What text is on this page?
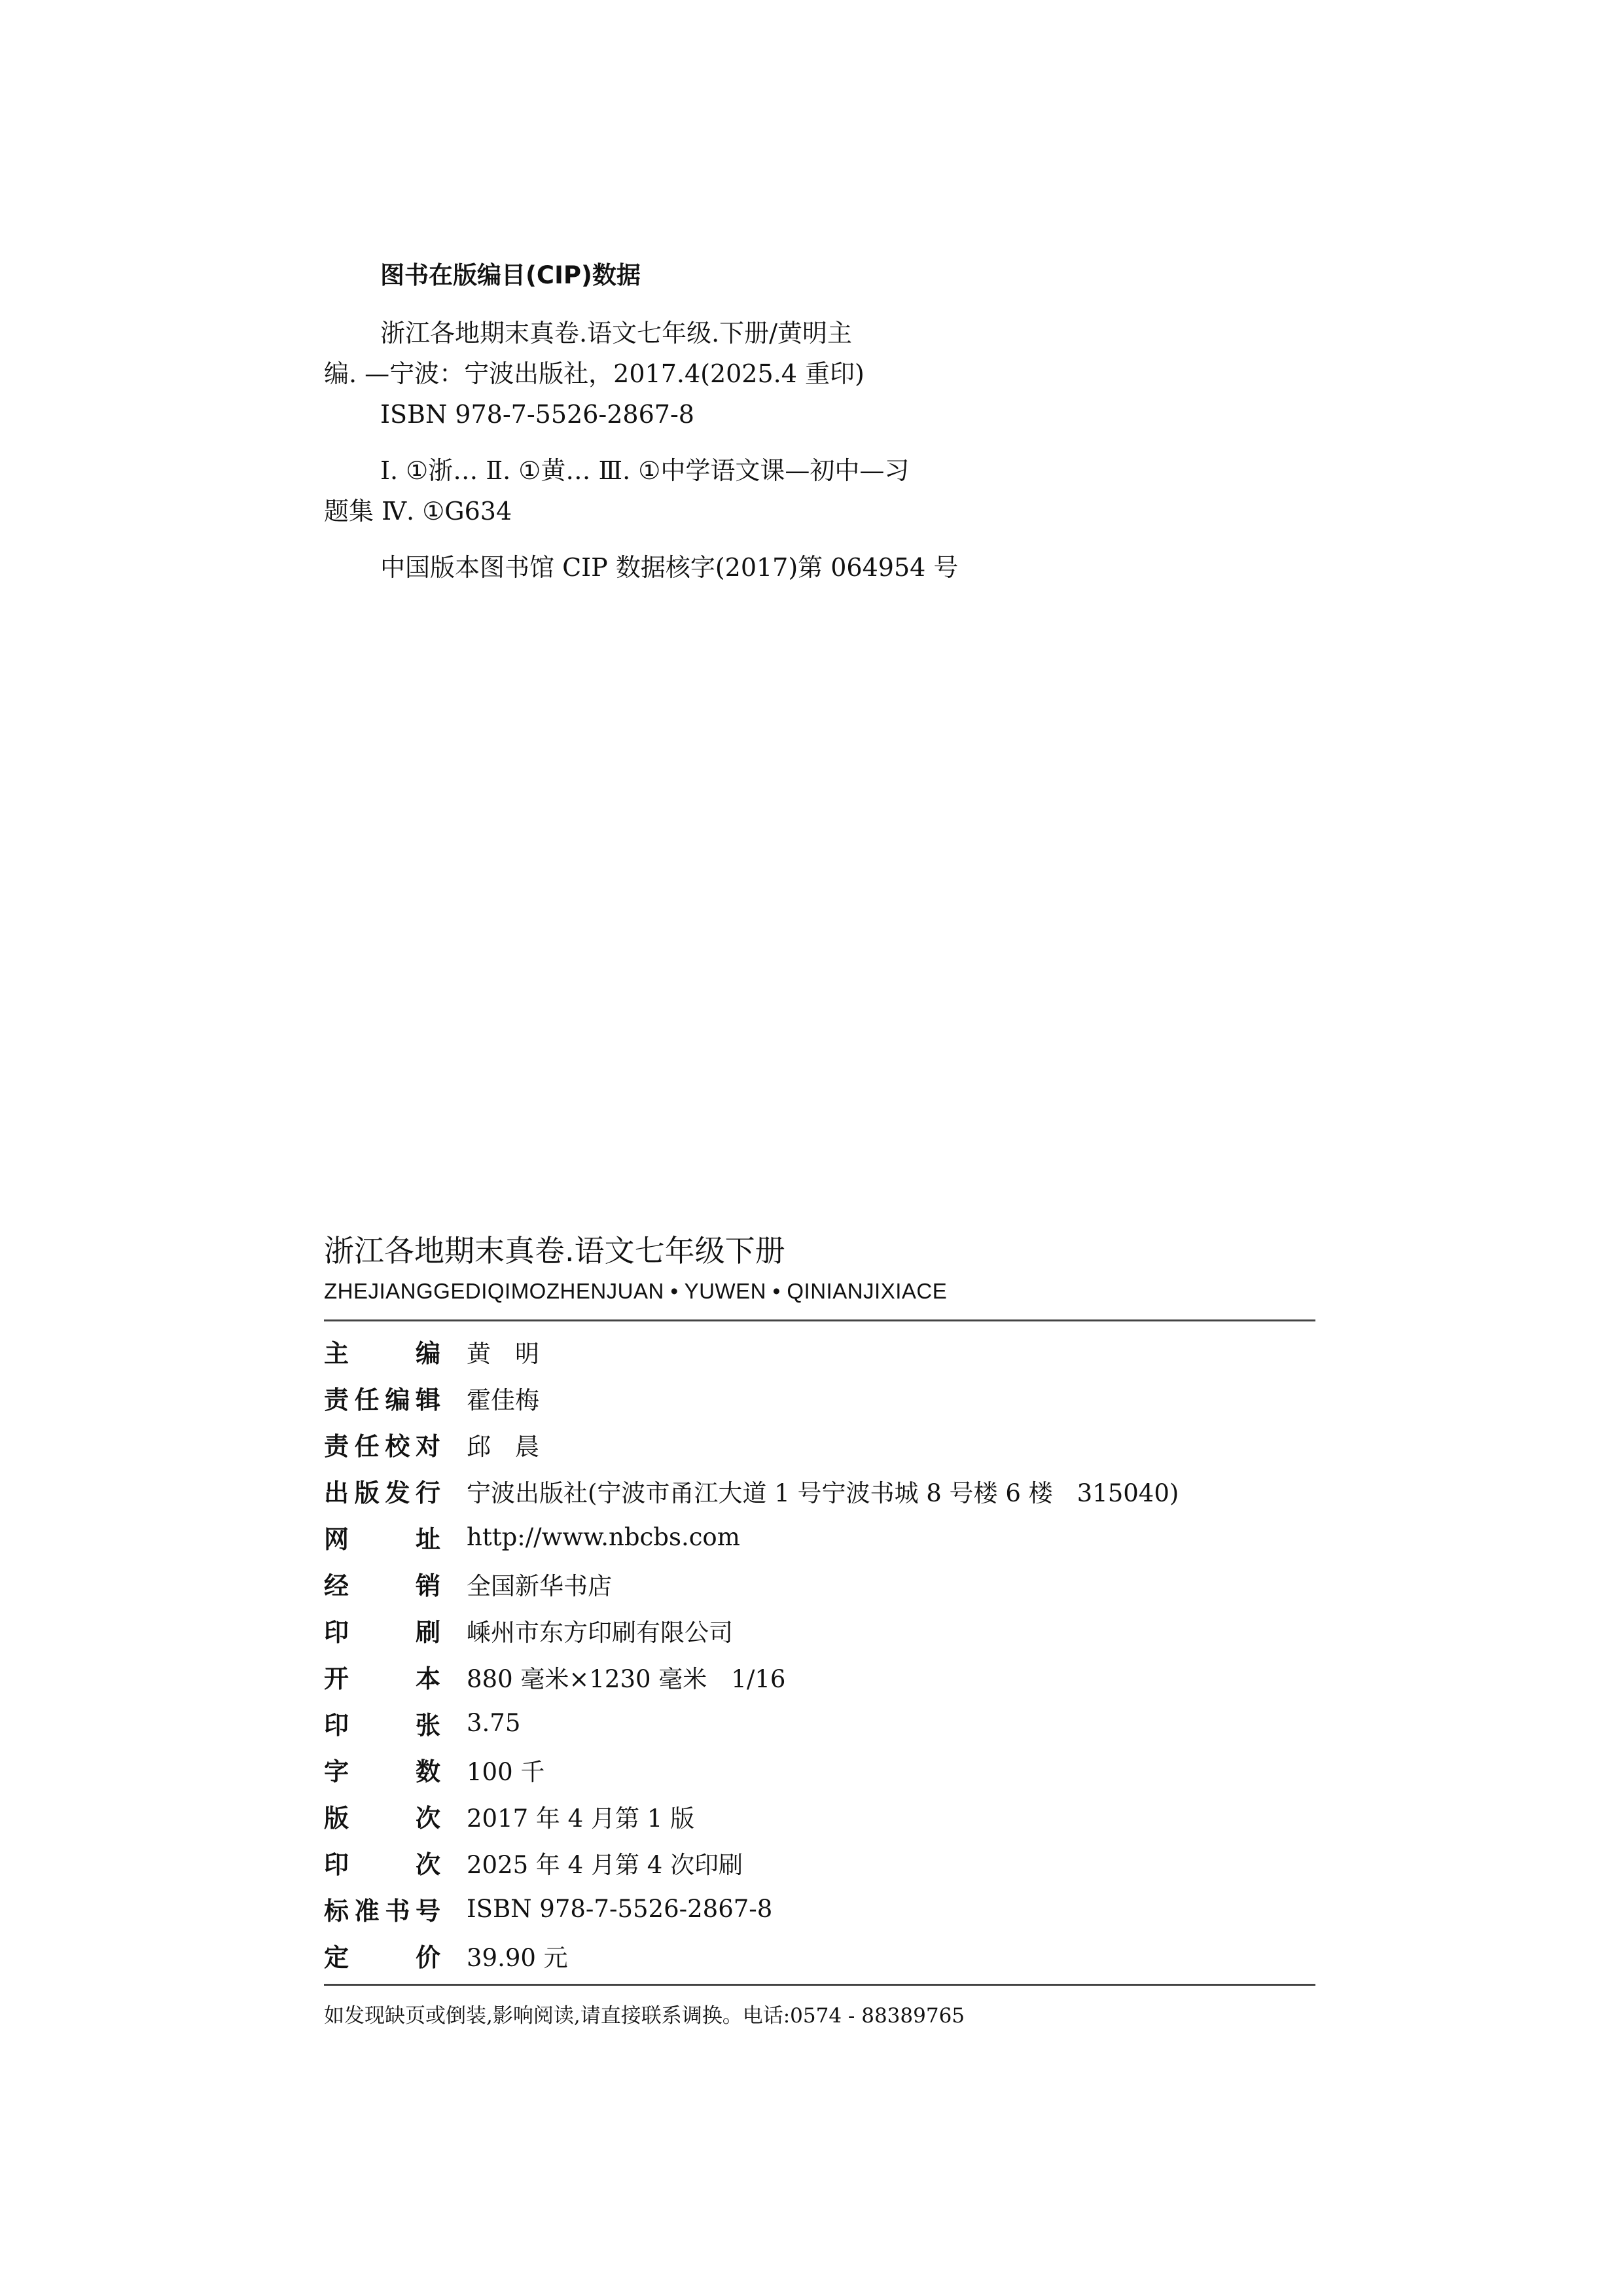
图书在版编目(CIP)数据
浙江各地期末真卷.语文七年级.下册/黄明主
编. —宁波：宁波出版社，2017.4(2025.4 重印)
ISBN 978-7-5526-2867-8
Ⅰ. ①浙… Ⅱ. ①黄… Ⅲ. ①中学语文课—初中—习
题集 Ⅳ. ①G634
中国版本图书馆 CIP 数据核字(2017)第 064954 号
浙江各地期末真卷.语文七年级下册
ZHEJIANGGEDIQIMOZHENJUAN • YUWEN • QINIANJIXIACE
主	编 黄　明
责 任 编 辑 霍佳梅
责 任 校 对 邱　晨
出 版 发 行 宁波出版社(宁波市甬江大道 1 号宁波书城 8 号楼 6 楼　315040)
网	址 http://www.nbcbs.com
经	销 全国新华书店
印	刷 嵊州市东方印刷有限公司
开	本 880 毫米×1230 毫米　1/16
印	张 3.75
字	数 100 千
版	次 2017 年 4 月第 1 版
印	次 2025 年 4 月第 4 次印刷
标 准 书 号 ISBN 978-7-5526-2867-8
定	价 39.90 元
如发现缺页或倒装,影响阅读,请直接联系调换。电话:0574 - 88389765
